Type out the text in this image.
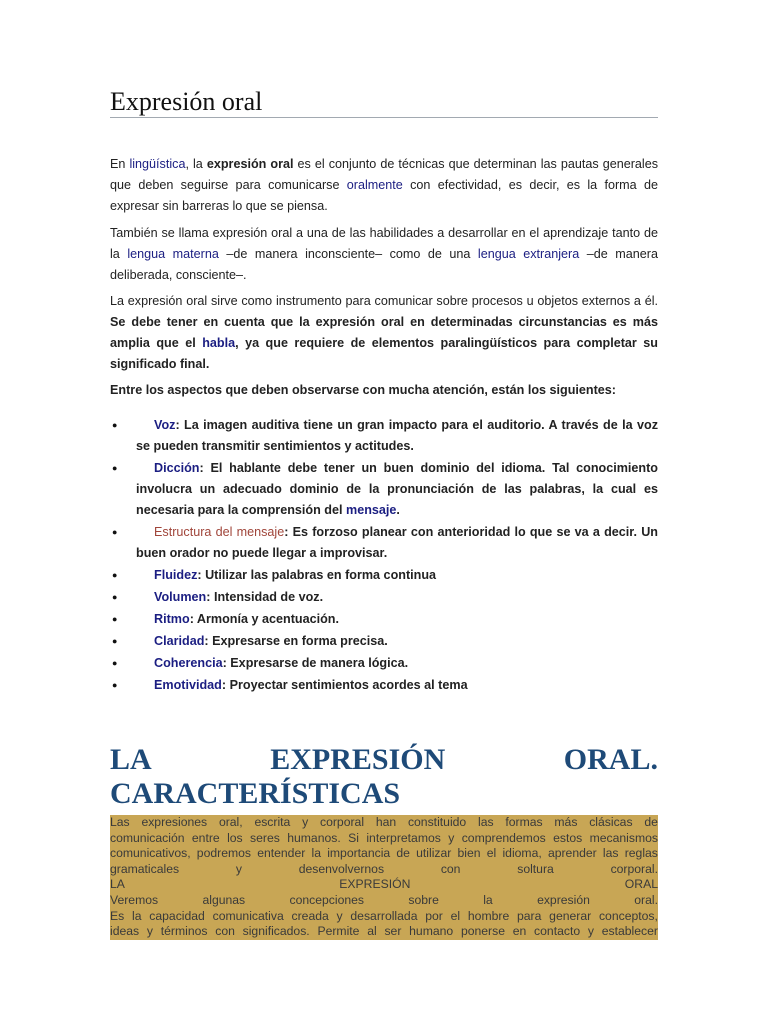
Expresión oral

En lingüística, la expresión oral es el conjunto de técnicas que determinan las pautas generales que deben seguirse para comunicarse oralmente con efectividad, es decir, es la forma de expresar sin barreras lo que se piensa.

También se llama expresión oral a una de las habilidades a desarrollar en el aprendizaje tanto de la lengua materna –de manera inconsciente– como de una lengua extranjera –de manera deliberada, consciente–.

La expresión oral sirve como instrumento para comunicar sobre procesos u objetos externos a él. Se debe tener en cuenta que la expresión oral en determinadas circunstancias es más amplia que el habla, ya que requiere de elementos paralingüísticos para completar su significado final.

Entre los aspectos que deben observarse con mucha atención, están los siguientes:

●	Voz: La imagen auditiva tiene un gran impacto para el auditorio. A través de la voz se pueden transmitir sentimientos y actitudes.
●	Dicción: El hablante debe tener un buen dominio del idioma. Tal conocimiento involucra un adecuado dominio de la pronunciación de las palabras, la cual es necesaria para la comprensión del mensaje.
●	Estructura del mensaje: Es forzoso planear con anterioridad lo que se va a decir. Un buen orador no puede llegar a improvisar.
●	Fluidez: Utilizar las palabras en forma continua
●	Volumen: Intensidad de voz.
●	Ritmo: Armonía y acentuación.
●	Claridad: Expresarse en forma precisa.
●	Coherencia: Expresarse de manera lógica.
●	Emotividad: Proyectar sentimientos acordes al tema
LA	EXPRESIÓN	ORAL.
CARACTERÍSTICAS
Las expresiones oral, escrita y corporal han constituido las formas más clásicas de
comunicación entre los seres humanos. Si interpretamos y comprendemos estos mecanismos
comunicativos, podremos entender la importancia de utilizar bien el idioma, aprender las reglas
gramaticales	y	desenvolvernos	con	soltura	corporal.
LA	EXPRESIÓN	ORAL
Veremos	algunas	concepciones	sobre	la	expresión	oral.
Es la capacidad comunicativa creada y desarrollada por el hombre para generar conceptos,
ideas y términos con significados. Permite al ser humano ponerse en contacto y establecer
